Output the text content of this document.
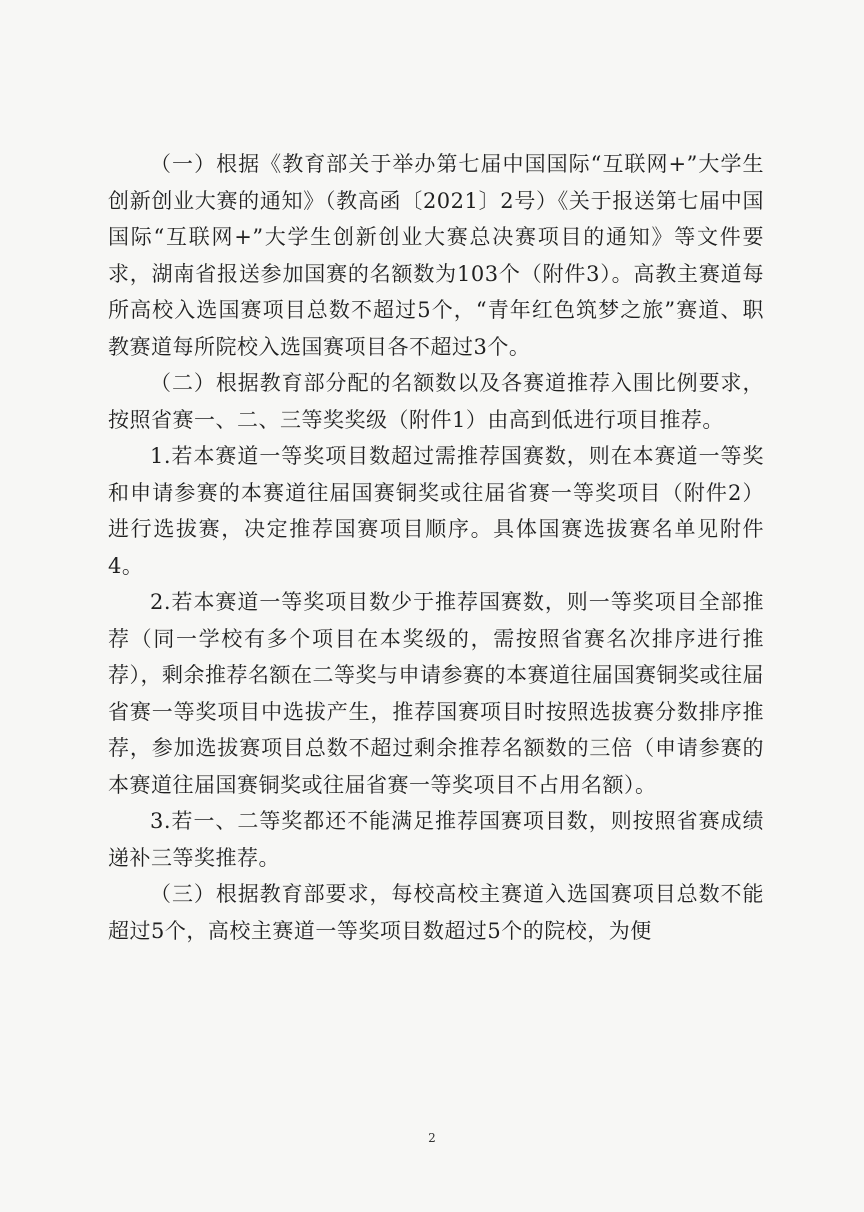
（一）根据《教育部关于举办第七届中国国际“互联网+”大学生创新创业大赛的通知》（教高函〔2021〕2号）《关于报送第七届中国国际“互联网+”大学生创新创业大赛总决赛项目的通知》等文件要求，湖南省报送参加国赛的名额数为103个（附件3）。高教主赛道每所高校入选国赛项目总数不超过5个，“青年红色筑梦之旅”赛道、职教赛道每所院校入选国赛项目各不超过3个。

（二）根据教育部分配的名额数以及各赛道推荐入围比例要求，按照省赛一、二、三等奖奖级（附件1）由高到低进行项目推荐。

1.若本赛道一等奖项目数超过需推荐国赛数，则在本赛道一等奖和申请参赛的本赛道往届国赛铜奖或往届省赛一等奖项目（附件2）进行选拔赛，决定推荐国赛项目顺序。具体国赛选拔赛名单见附件4。

2.若本赛道一等奖项目数少于推荐国赛数，则一等奖项目全部推荐（同一学校有多个项目在本奖级的，需按照省赛名次排序进行推荐），剩余推荐名额在二等奖与申请参赛的本赛道往届国赛铜奖或往届省赛一等奖项目中选拔产生，推荐国赛项目时按照选拔赛分数排序推荐，参加选拔赛项目总数不超过剩余推荐名额数的三倍（申请参赛的本赛道往届国赛铜奖或往届省赛一等奖项目不占用名额）。

3.若一、二等奖都还不能满足推荐国赛项目数，则按照省赛成绩递补三等奖推荐。

（三）根据教育部要求，每校高校主赛道入选国赛项目总数不能超过5个，高校主赛道一等奖项目数超过5个的院校，为便

2
